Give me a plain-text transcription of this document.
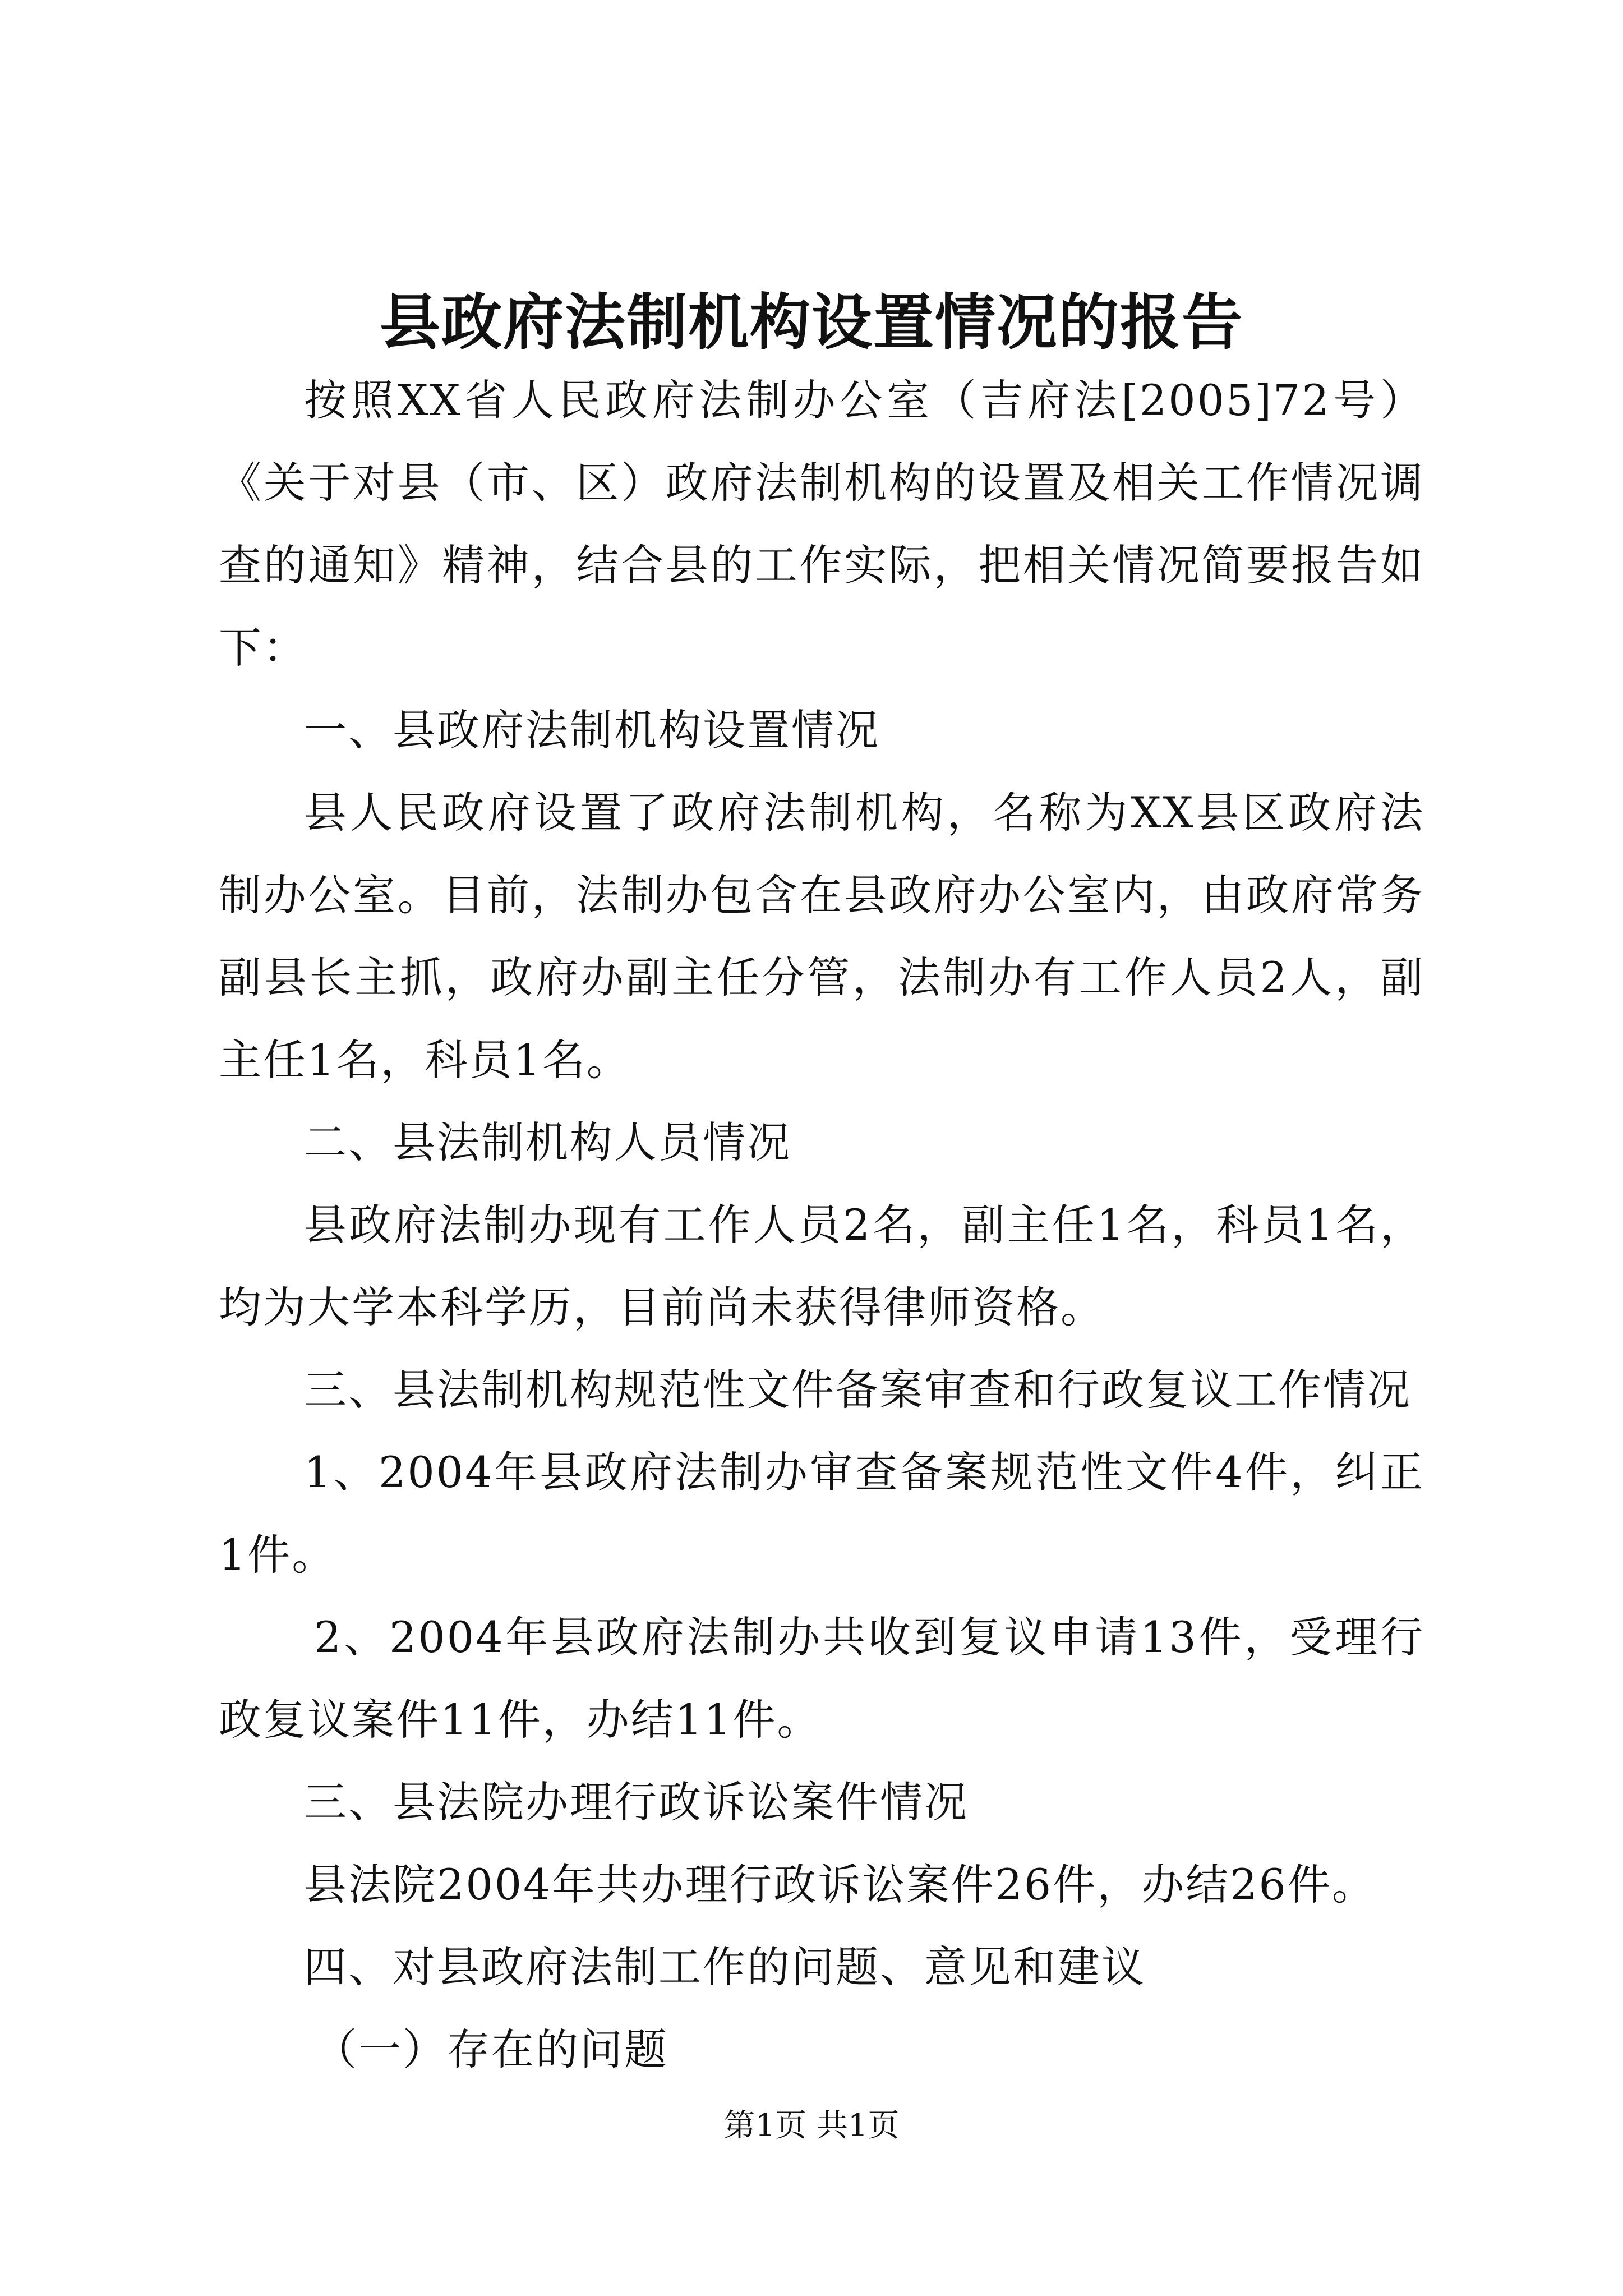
县政府法制机构设置情况的报告

按照XX省人民政府法制办公室（吉府法[2005]72号）《关于对县（市、区）政府法制机构的设置及相关工作情况调查的通知》精神，结合县的工作实际，把相关情况简要报告如下：

一、县政府法制机构设置情况

县人民政府设置了政府法制机构，名称为XX县区政府法制办公室。目前，法制办包含在县政府办公室内，由政府常务副县长主抓，政府办副主任分管，法制办有工作人员2人，副主任1名，科员1名。

二、县法制机构人员情况

县政府法制办现有工作人员2名，副主任1名，科员1名，均为大学本科学历，目前尚未获得律师资格。

三、县法制机构规范性文件备案审查和行政复议工作情况

1、2004年县政府法制办审查备案规范性文件4件，纠正1件。

2、2004年县政府法制办共收到复议申请13件，受理行政复议案件11件，办结11件。

三、县法院办理行政诉讼案件情况

县法院2004年共办理行政诉讼案件26件，办结26件。

四、对县政府法制工作的问题、意见和建议

（一）存在的问题

第1页 共1页
